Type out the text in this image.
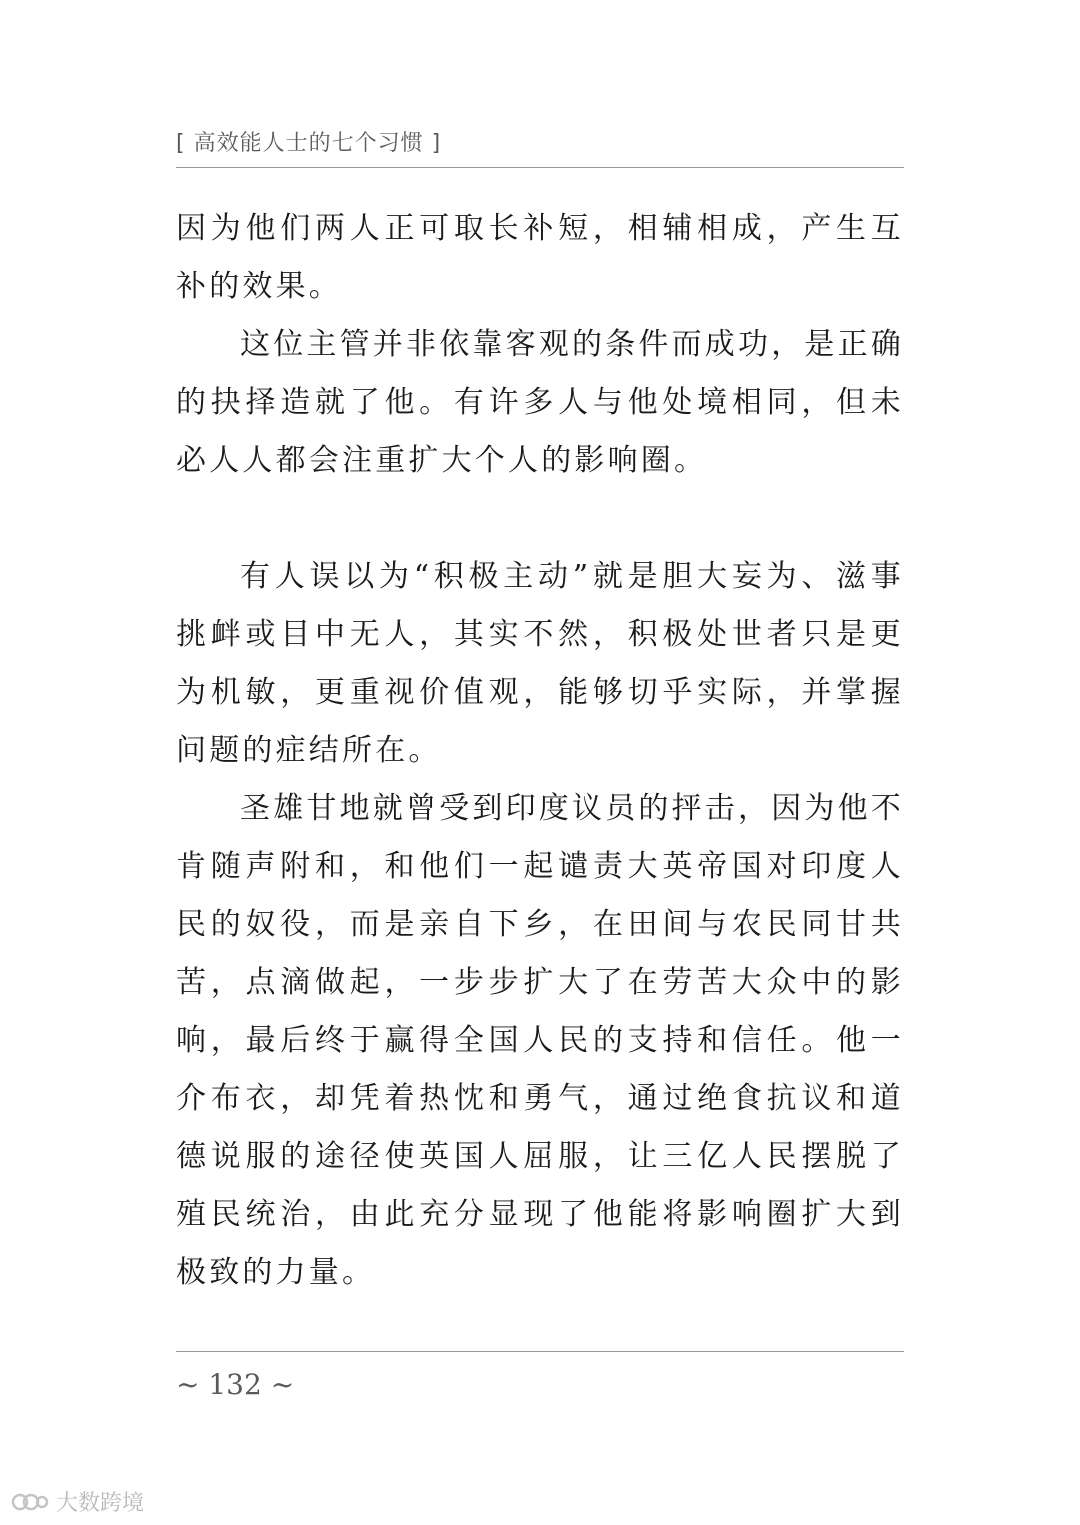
[ 高效能人士的七个习惯 ]

因为他们两人正可取长补短，相辅相成，产生互补的效果。

这位主管并非依靠客观的条件而成功，是正确的抉择造就了他。有许多人与他处境相同，但未必人人都会注重扩大个人的影响圈。

有人误以为“积极主动”就是胆大妄为、滋事挑衅或目中无人，其实不然，积极处世者只是更为机敏，更重视价值观，能够切乎实际，并掌握问题的症结所在。

圣雄甘地就曾受到印度议员的抨击，因为他不肯随声附和，和他们一起谴责大英帝国对印度人民的奴役，而是亲自下乡，在田间与农民同甘共苦，点滴做起，一步步扩大了在劳苦大众中的影响，最后终于赢得全国人民的支持和信任。他一介布衣，却凭着热忱和勇气，通过绝食抗议和道德说服的途径使英国人屈服，让三亿人民摆脱了殖民统治，由此充分显现了他能将影响圈扩大到极致的力量。

~ 132 ~
大数跨境
